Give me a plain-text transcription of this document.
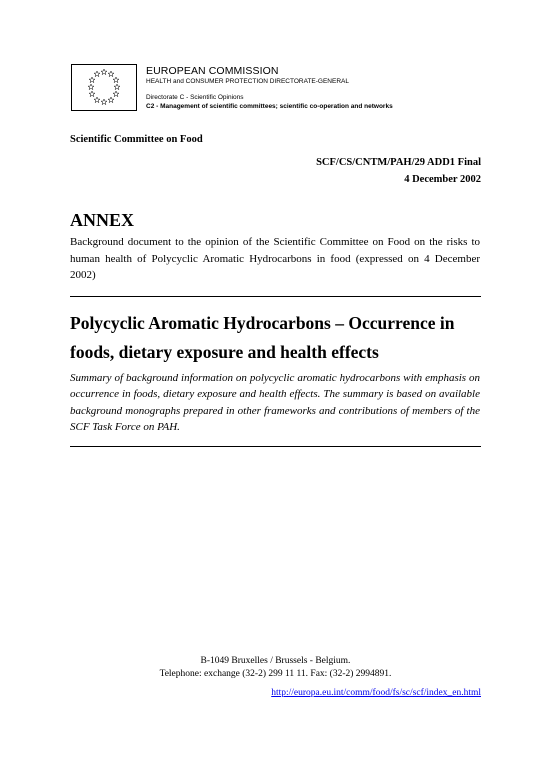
EUROPEAN COMMISSION
HEALTH and CONSUMER PROTECTION DIRECTORATE-GENERAL
Directorate C - Scientific Opinions
C2 - Management of scientific committees; scientific co-operation and networks
Scientific Committee on Food
SCF/CS/CNTM/PAH/29 ADD1 Final
4 December 2002
ANNEX
Background document to the opinion of the Scientific Committee on Food on the risks to human health of Polycyclic Aromatic Hydrocarbons in food (expressed on 4 December 2002)
Polycyclic Aromatic Hydrocarbons – Occurrence in foods, dietary exposure and health effects
Summary of background information on polycyclic aromatic hydrocarbons with emphasis on occurrence in foods, dietary exposure and health effects. The summary is based on available background monographs prepared in other frameworks and contributions of members of the SCF Task Force on PAH.
B-1049 Bruxelles / Brussels - Belgium.
Telephone: exchange (32-2) 299 11 11. Fax: (32-2) 2994891.
http://europa.eu.int/comm/food/fs/sc/scf/index_en.html
